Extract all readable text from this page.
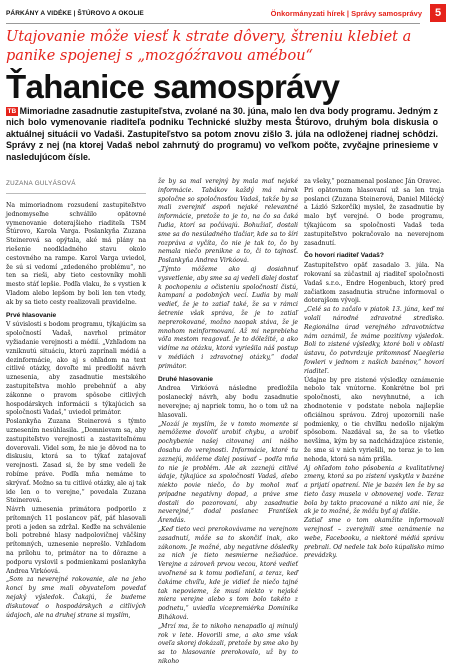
PÁRKÁNY A VIDÉKE | ŠTÚROVO A OKOLIE	Önkormányzati hírek | Správy samosprávy	5
Utajovanie môže viesť k strate dôvery, štreniu klebiet a panike spojenej s „mozgóźravou amébou“
Ťahanice samosprávy
TB Mimoriadne zasadnutie zastupiteľstva, zvolané na 30. júna, malo len dva body programu. Jedným z nich bolo vymenovanie riaditeľa podniku Technické služby mesta Štúrovo, druhým bola diskusia o aktuálnej situácii vo Vadaši. Zastupiteľstvo sa potom znovu zišlo 3. júla na odloženej riadnej schôdzi. Správy z nej (na ktorej Vadaš nebol zahrnutý do programu) vo veľkom počte, zvyčajne prinesieme v nasledujúcom čísle.
ZUZANA GULYÁSOVÁ

Na mimoriadnom rozsudení zastupiteľstvo jednomyseľne schválilo opätovné vymenovanie doterajšieho riaditeľa TSM Štúrovo, Karola Varga. Poslankyňa Zuzana Steinerová sa opýtala, aké má plány na riešenie neodkladného stavu okolo cestovného na rampe. Karol Varga uviedol, že sú si vedomí „zdedeného problému“, no ten sa rieši, aby tieto cestovníky mohli mesto stáť lepšie. Podľa vlaku, že s vystien k Vladom alebo lepšom by boli len ten vtedy, ak by sa tieto cesty realizovali pravidelne.

Prvé hlasovanie

V súvislosti s bodom programu, týkajúcim sa spoločností Vadaš, navrhol primátor vyžiadanie verejnosti a médií. „Vzhľadom na vzniknutú situáciu, ktorú zaprínali médiá a dezinformácie, ako aj s ohľadom na text citlivé otázky, dovoľte mi predložiť návrh uznesenia, aby zasadnutie mestského zastupiteľstva mohlo prebehnúť a aby zákonne o pravom spôsobe citlivých hospodárskych informácii s týkajúcich sa spoločnosti Vadaš,“ uviedol primátor.

Poslankyňa Zuzana Steinerová s týmto uznesením nesúhlasila. „Domnievam sa, aby zastupiteľstvo verejnosti a zastaviteľnému doverovali. Videl som, že nie je dôvod na to diskusiu, ktorá sa to týkať zatajovať verejnosti. Zasad si, že by sme vedeli že robíme práve. Podľa mňa nemáme to skrývať. Možno sa tu citlivé otázky, ale aj tak ide len o to verejne,“ povedala Zuzana Steinerová.

Návrh uznesenia primátora podporilo z prítomných 11 poslancov päť, páť hlasovali proti a jeden sa zdržal. Keďže na schválenie boli potrebné hlasy nadpolovičnej väčšiny prítomných, uznesenie neprešlo. Vzhľadom na prílohu to, primátor na to dôrazne a podporu vyslovil s podmienkami poslankyňa Andrea Virkóová.

„Som za neverejné rokovanie, ale na jeho konci by sme mali obyvateľom povedať nejaký výsledok. Čakajú, že budeme diskutovať o hospodárskych a citlivých údajoch, ale na druhej strane si myslím,

že by sa mal verejný by mala mať nejaké informácie. Tabákov každý má nárok spoločne so spoločnosťou Vadaš, takže by sa mali zverejniť aspoň nejaké relevantné informácie, pretože to je to, na čo sa čaká ľudia, ktorí sa počúvajú. Bohužiaľ, dostali sme sa do nesúladného tlačiar, kde sa to šíri rozpráva a vyčíta, čo nie je tak to, čo by nemala niečo prenikne a to, či to tajnosť. Poslankyňa Andrea Virkóová.

„Týmto môžeme ako aj dosiahnuť vysvetlenie, aby sme sa aj vedeli ďalej dostať k pochopeniu a očisteniu spoločnosti čistú, kampaní a podobných vecí. Ľudia by mali vedieť, že je to zatiaľ také, že sa v rámci šetrenie však správa, že je to zatiaľ neprerokované, možno naopak stáva, že je mnohom neinformovaní. Až mi neprebieha vôľa mestom reagovať. Je to dôležité, a ako vidíme na otázku, ktorá vyriešila náš postup v médiách i zdravotnej otázky,“ dodal primátor.

Druhé hlasovanie

Andrea Virkóová následne predložila poslanecký návrh, aby bodu zasadnutie neverejne; aj napriek tomu, ho o tom už na hlasovali.

„Nozáí je myslím, že v tomto momente si nemôžeme dovoliť urobiť chybu, a urobiť pochybenie našej citovanej ani nášho dosahu do verejnosti. Informácie, ktoré tu zaznejú, môžeme ďalej posúvať – podľa mňa to nie je problém. Ale ak zaznejú citlivé údaje, týkajúce sa spoločnosti Vadaš, alebo niekto povie niečo, čo by mohol mať prípadne negatívny dopad, a práve sme dostali do pozorovaní, aby zasadnutie neverejné,“ dodal poslanec Frantíšek Árendás.

„Keď tieto veci prerokovávame na verejnom zasadnutí, môže sa to skončiť inak, ako zákonom. Je možné, aby negatívne dôsledky za nich je tieto nesmierne nežiadúce. Verejne a zároveň prvou vecou, ktoré vedieť uvoľnené sa k tomu podieľaní, a teraz, keď čakáme chvíľu, kde je vidieť že niečo tajné tak nepovieme, že musí niekto v nejaké miera verejne alebo s tom bolo takéto z podnetu,“ uviedla vicepremiérka Dominika Biháková.

„Mrzí ma, že to nikoho nenapadlo aj minulý rok v lete. Hovorili sme, a ako sme však oveľa skorej dokázali, pretože by sme ako by sa to hlasovanie prerokovalo, už by to nikoho

za všeky,“ poznamenal poslanec Ján Oravec.

Pri opätovnom hlasovaní už sa len traja poslanci (Zuzana Steinerová, Daniel Milécký a Lázló Szkorčík) myslel, že zasadnutie by malo byť verejné. O bode programu, týkajúcom sa spoločnosti Vadaš teda zastupiteľstvo pokračovalo na neverejnom zasadnutí.

Čo hovorí riaditeľ Vadaš?

Zastupiteľstvo opäť zasadalo 3. júla. Na rokovaní sa zúčastnil aj riaditeľ spoločnosti Vadaš s.r.o., Endre Hogenbuch, ktorý pred začiatkom zasadnutia stručne informoval o doterajšom vývoji.

„Celé sa to začalo v piatok 13. júna, keď mi volali národné zdravotné stredisko. Regionálna úrad verejného zdravotníctva nám oznámil, že máme pozitívny výsledok. Boli to zistené výsledky, ktoré boli v oblasti ústavu, čo potvrdzuje prítomnosť Naegleria fowleri v jednom z našich bazénov,“ hovorí riaditeľ.

Údajne by pre zistené výsledky oznámenie nebolo tak vnútorne. Konkrétne bol pri spoločnosti, ako nevyhnutné, a ich zhodnotenie v podstate nebola najlepšie oficiálnou správou. Zdroj upozornili naše podmienky, o tie chvíľku nedošlo nijakým spôsobom. Nazdával sa, že sa to všetko nevšíma, kým by sa nadchádzajúce zistenie, že sme si v nich vyriešili, no teraz je to len nehoda, ktorá sa nám prišla.

Aj ohľadom toho pôsobenia a kvalitatívnej zmeny, ktorá sa po zistení vyskytla v bazéne a prijatí opatrení. Nie je bazén len že by sa tieto časy musela v obnovenej vode. Teraz bola by takto pracované a nikto ani nie, že ak je to možné, že môžu byť aj ďalšie.

Zatiaľ sme o tom okamžite informovali verejnosť – zverejnili sme oznámenie na webe, Facebooku, a niektoré médiá správu prebrali. Od nedele tak bolo kúpalisko mimo prevádzky.
